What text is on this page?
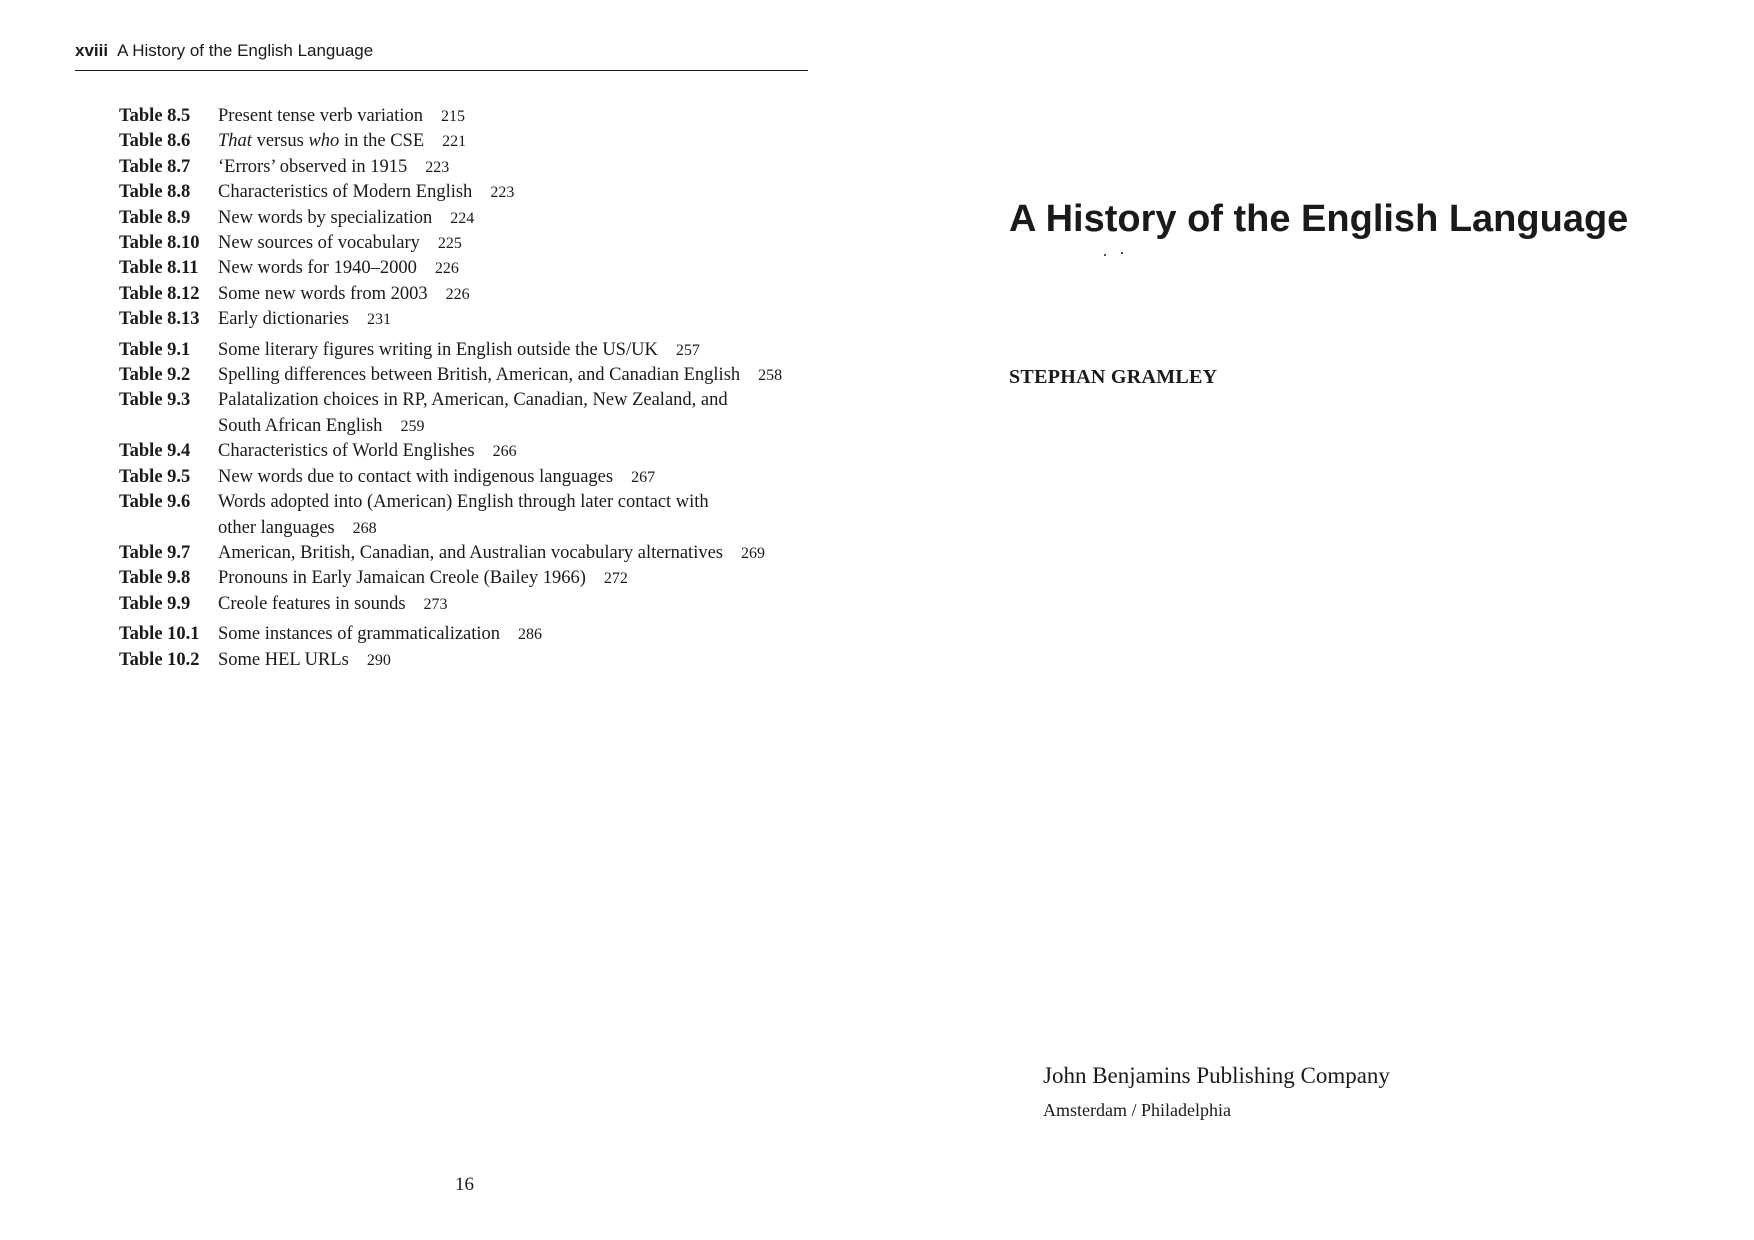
xviii A History of the English Language
Table 8.5	Present tense verb variation 215
Table 8.6	That versus who in the CSE 221
Table 8.7	‘Errors’ observed in 1915 223
Table 8.8	Characteristics of Modern English 223
Table 8.9	New words by specialization 224
Table 8.10 New sources of vocabulary 225
Table 8.11	New words for 1940–2000 226
Table 8.12 Some new words from 2003 226
Table 8.13 Early dictionaries 231
Table 9.1	Some literary figures writing in English outside the US/UK 257
Table 9.2	Spelling differences between British, American, and Canadian English 258
Table 9.3	Palatalization choices in RP, American, Canadian, New Zealand, and South African English 259
Table 9.4	Characteristics of World Englishes 266
Table 9.5	New words due to contact with indigenous languages 267
Table 9.6	Words adopted into (American) English through later contact with other languages 268
Table 9.7	American, British, Canadian, and Australian vocabulary alternatives 269
Table 9.8	Pronouns in Early Jamaican Creole (Bailey 1966) 272
Table 9.9	Creole features in sounds 273
Table 10.1 Some instances of grammaticalization 286
Table 10.2 Some HEL URLs 290
16
A History of the English Language
STEPHAN GRAMLEY
John Benjamins Publishing Company
Amsterdam / Philadelphia
